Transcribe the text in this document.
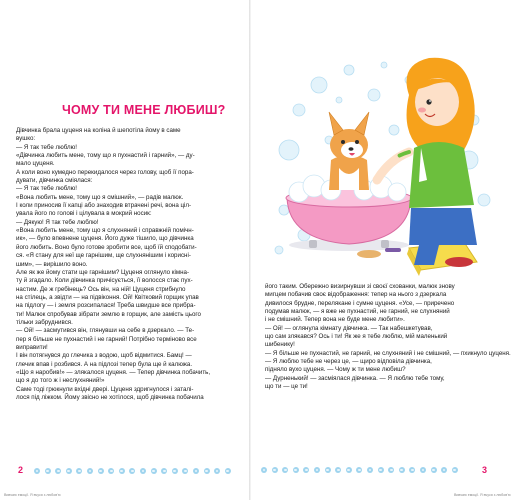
ЧОМУ ТИ МЕНЕ ЛЮБИШ?

Дівчинка брала цуценя на коліна й шепотіла йому в саме

вушко:

— Я так тебе люблю!

«Дівчинка любить мене, тому що я пухнастий і гарний», — ду-

мало цуценя.

А коли воно кумедно перекидалося через голову, щоб її пора-

дувати, дівчинка сміялася:

— Я так тебе люблю!

«Вона любить мене, тому що я смішний», — радів малюк.

І коли приносив її капці або знаходив втрачені речі, вона ціл-

увала його по голові і цілувала в мокрий носик:

— Дякую! Я так тебе люблю!

«Вона любить мене, тому що я слухняний і справжній помічн-

ик», — було впевнене цуценя. Його дуже тішило, що дівчинка

його любить. Воно було готове зробити все, щоб їй сподобати-

ся. «Я стану для неї ще гарнішим, ще слухнянішим і корисні-

шим», — вирішило воно.

Але як же йому стати ще гарнішим? Цуценя оглянуло кімна-

ту й згадало. Коли дівчинка причісується, її волосся стає пух-

настим. Де ж гребінець? Ось він, на ній! Цуценя стрибнуло

на стілець, а звідти — на підвіконня. Ой! Квітковий горщик упав

на підлогу — і земля розсипалася! Треба швидше все прибра-

ти! Малюк спробував зібрати землю в горщик, але замість цього

тільки забруднився.

— Ой! — засмутився він, глянувши на себе в дзеркало. — Те-

пер я більше не пухнастий і не гарний! Потрібно терміново все

виправити!

І він потягнувся до глечика з водою, щоб відмитися. Бамц! —

глечик впав і розбився. А на підлозі тепер була ще й калюжа.

«Що я наробив!» — злякалося цуценя. — Тепер дівчинка побачить,

що я до того ж і неслухняний!»

Саме тоді грюкнули вхідні двері. Цуценя здригнулося і заталі-

лося під ліжком. Йому звісно не хотілося, щоб дівчинка побачила

2
Вивчаю емоції. Я вчуся з любов'ю

його таким. Обережно визирнувши зі своєї схованки, малюк знову

мигцем побачив своє відображення: тепер на нього з дзеркала

дивилося брудне, перелякане і сумне цуценя. «Усе, — приречено

подумав малюк, — я вже не пухнастий, не гарний, не слухняний

і не смішний. Тепер вона не буде мене любити».

— Ой! — оглянула кімнату дівчинка. — Так набешкетував,

що сам злякався? Ось і ти! Як же я тебе люблю, мій маленький

шибенику!

— Я більше не пухнастий, не гарний, не слухняний і не смішний, — пхикнуло цуценя.

— Я люблю тебе не через це, — щиро відповіла дівчинка,

підняло вухо цуценя. — Чому ж ти мене любиш?

— Дурненький! — засміялася дівчинка. — Я люблю тебе тому,

що ти — це ти!

3
Вивчаю емоції. Я вчуся з любов'ю
